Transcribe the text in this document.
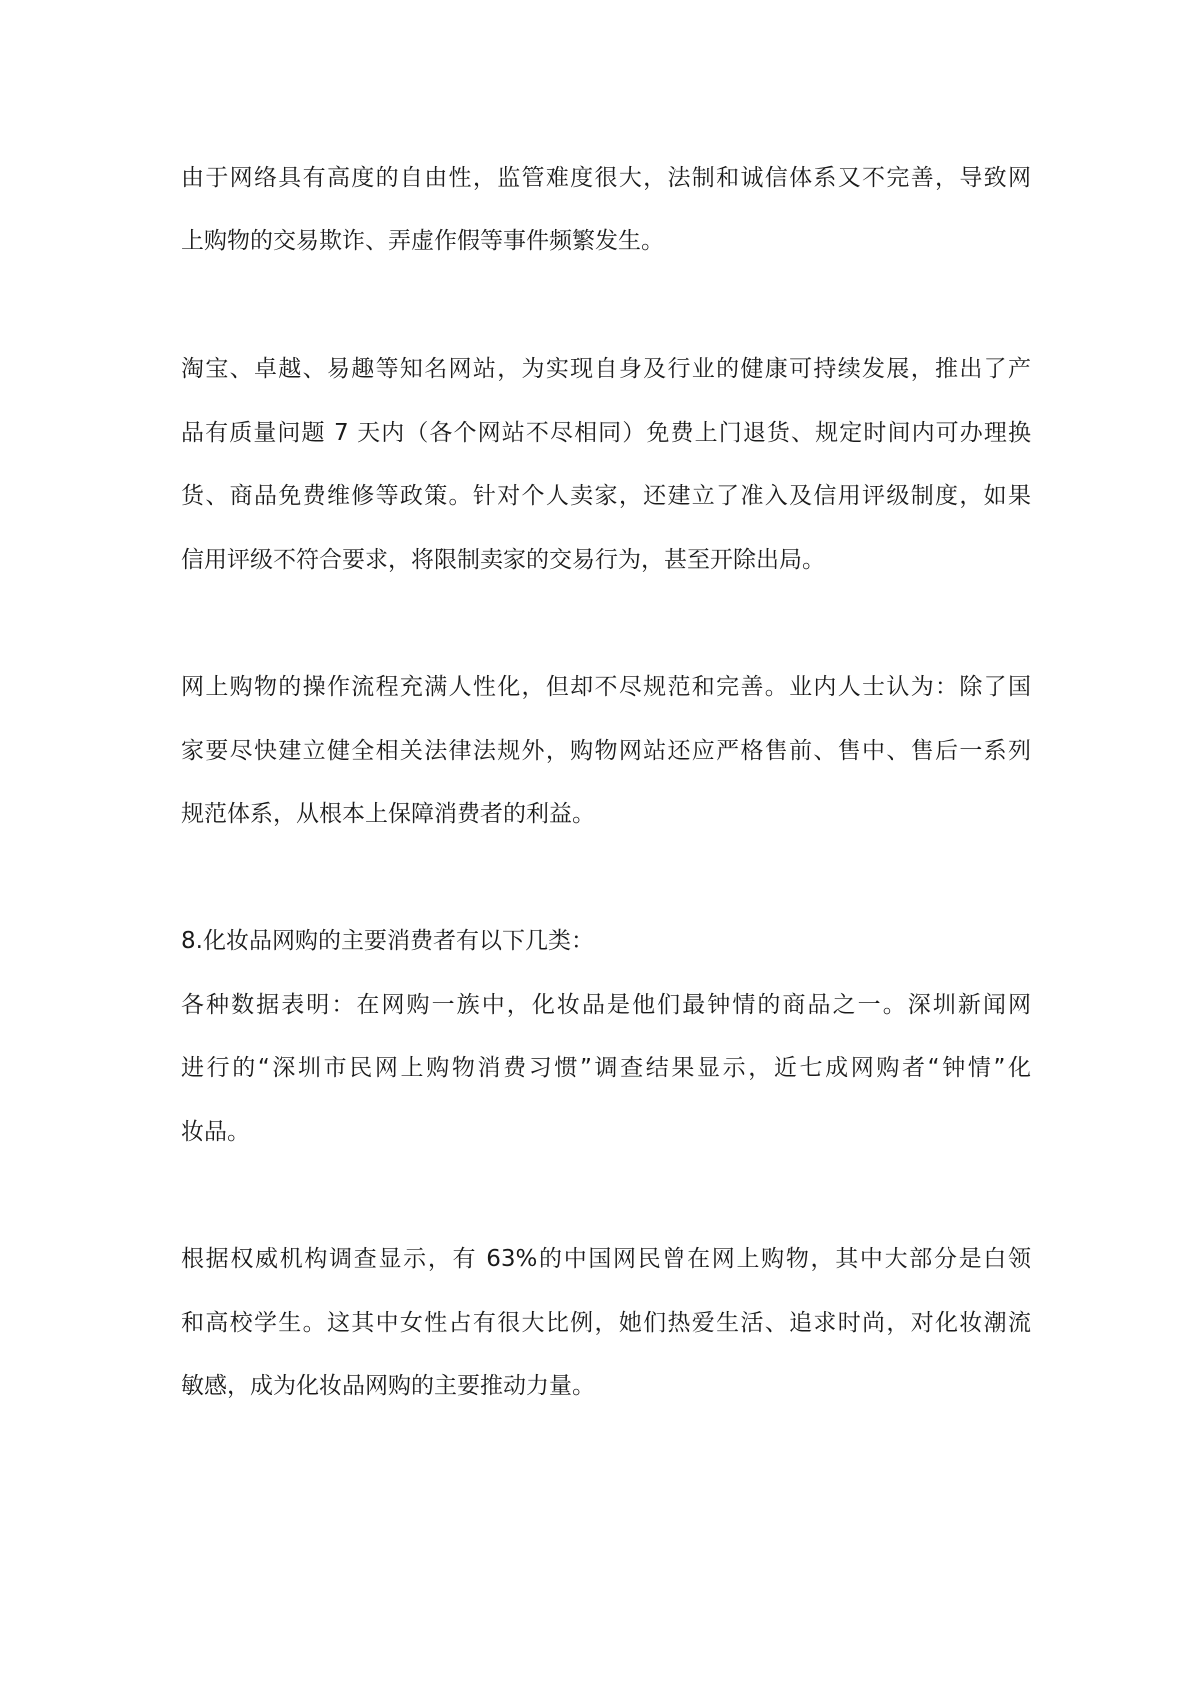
由于网络具有高度的自由性，监管难度很大，法制和诚信体系又不完善，导致网
上购物的交易欺诈、弄虚作假等事件频繁发生。
淘宝、卓越、易趣等知名网站，为实现自身及行业的健康可持续发展，推出了产
品有质量问题 7 天内（各个网站不尽相同）免费上门退货、规定时间内可办理换
货、商品免费维修等政策。针对个人卖家，还建立了准入及信用评级制度，如果
信用评级不符合要求，将限制卖家的交易行为，甚至开除出局。
网上购物的操作流程充满人性化，但却不尽规范和完善。业内人士认为：除了国
家要尽快建立健全相关法律法规外，购物网站还应严格售前、售中、售后一系列
规范体系，从根本上保障消费者的利益。
8.化妆品网购的主要消费者有以下几类：
各种数据表明：在网购一族中，化妆品是他们最钟情的商品之一。深圳新闻网
进行的“深圳市民网上购物消费习惯”调查结果显示，近七成网购者“钟情”化
妆品。
根据权威机构调查显示，有 63%的中国网民曾在网上购物，其中大部分是白领
和高校学生。这其中女性占有很大比例，她们热爱生活、追求时尚，对化妆潮流
敏感，成为化妆品网购的主要推动力量。
